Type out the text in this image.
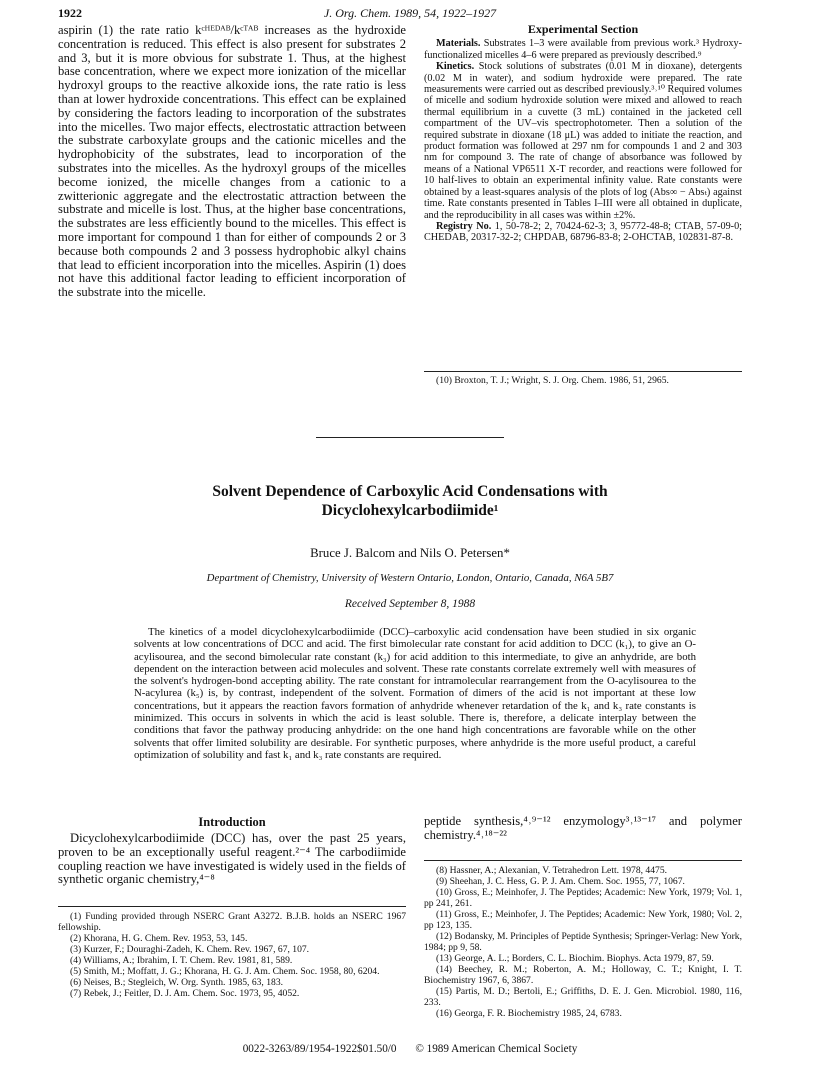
J. Org. Chem. 1989, 54, 1922–1927
1922

aspirin (1) the rate ratio kᶜᴴᴱᴰᴬᴮ/kᶜᵀᴬᴮ increases as the hydroxide concentration is reduced. This effect is also present for substrates 2 and 3, but it is more obvious for substrate 1. Thus, at the highest base concentration, where we expect more ionization of the micellar hydroxyl groups to the reactive alkoxide ions, the rate ratio is less than at lower hydroxide concentrations. This effect can be explained by considering the factors leading to incorporation of the substrates into the micelles. Two major effects, electrostatic attraction between the substrate carboxylate groups and the cationic micelles and the hydrophobicity of the substrates, lead to incorporation of the substrates into the micelles. As the hydroxyl groups of the micelles become ionized, the micelle changes from a cationic to a zwitterionic aggregate and the electrostatic attraction between the substrate and micelle is lost. Thus, at the higher base concentrations, the substrates are less efficiently bound to the micelles. This effect is more important for compound 1 than for either of compounds 2 or 3 because both compounds 2 and 3 possess hydrophobic alkyl chains that lead to efficient incorporation into the micelles. Aspirin (1) does not have this additional factor leading to efficient incorporation of the substrate into the micelle.

Experimental Section

Materials. Substrates 1–3 were available from previous work.³ Hydroxy-functionalized micelles 4–6 were prepared as previously described.⁹

Kinetics. Stock solutions of substrates (0.01 M in dioxane), detergents (0.02 M in water), and sodium hydroxide were prepared. The rate measurements were carried out as described previously.³˒¹⁰ Required volumes of micelle and sodium hydroxide solution were mixed and allowed to reach thermal equilibrium in a cuvette (3 mL) contained in the jacketed cell compartment of the UV–vis spectrophotometer. Then a solution of the required substrate in dioxane (18 μL) was added to initiate the reaction, and product formation was followed at 297 nm for compounds 1 and 2 and 303 nm for compound 3. The rate of change of absorbance was followed by means of a National VP6511 X-T recorder, and reactions were followed for 10 half-lives to obtain an experimental infinity value. Rate constants were obtained by a least-squares analysis of the plots of log (Abs∞ − Absₜ) against time. Rate constants presented in Tables I–III were all obtained in duplicate, and the reproducibility in all cases was within ±2%.

Registry No. 1, 50-78-2; 2, 70424-62-3; 3, 95772-48-8; CTAB, 57-09-0; CHEDAB, 20317-32-2; CHPDAB, 68796-83-8; 2-OHCTAB, 102831-87-8.

(10) Broxton, T. J.; Wright, S. J. Org. Chem. 1986, 51, 2965.

Solvent Dependence of Carboxylic Acid Condensations with
Dicyclohexylcarbodiimide¹
Bruce J. Balcom and Nils O. Petersen*
Department of Chemistry, University of Western Ontario, London, Ontario, Canada, N6A 5B7
Received September 8, 1988

The kinetics of a model dicyclohexylcarbodiimide (DCC)–carboxylic acid condensation have been studied in six organic solvents at low concentrations of DCC and acid. The first bimolecular rate constant for acid addition to DCC (k₁), to give an O-acylisourea, and the second bimolecular rate constant (k₃) for acid addition to this intermediate, to give an anhydride, are both dependent on the interaction between acid molecules and solvent. These rate constants correlate extremely well with measures of the solvent's hydrogen-bond accepting ability. The rate constant for intramolecular rearrangement from the O-acylisourea to the N-acylurea (k₅) is, by contrast, independent of the solvent. Formation of dimers of the acid is not important at these low concentrations, but it appears the reaction favors formation of anhydride whenever retardation of the k₁ and k₃ rate constants is minimized. This occurs in solvents in which the acid is least soluble. There is, therefore, a delicate interplay between the conditions that favor the pathway producing anhydride: on the one hand high concentrations are favorable while on the other solvents that offer limited solubility are desirable. For synthetic purposes, where anhydride is the more useful product, a careful optimization of solubility and fast k₁ and k₃ rate constants are required.

Introduction

Dicyclohexylcarbodiimide (DCC) has, over the past 25 years, proven to be an exceptionally useful reagent.²⁻⁴ The carbodiimide coupling reaction we have investigated is widely used in the fields of synthetic organic chemistry,⁴⁻⁸

peptide synthesis,⁴˒⁹⁻¹² enzymology³˒¹³⁻¹⁷ and polymer chemistry.⁴˒¹⁸⁻²²

(1) Funding provided through NSERC Grant A3272. B.J.B. holds an NSERC 1967 fellowship.

(2) Khorana, H. G. Chem. Rev. 1953, 53, 145.

(3) Kurzer, F.; Douraghi-Zadeh, K. Chem. Rev. 1967, 67, 107.

(4) Williams, A.; Ibrahim, I. T. Chem. Rev. 1981, 81, 589.

(5) Smith, M.; Moffatt, J. G.; Khorana, H. G. J. Am. Chem. Soc. 1958, 80, 6204.

(6) Neises, B.; Stegleich, W. Org. Synth. 1985, 63, 183.

(7) Rebek, J.; Feitler, D. J. Am. Chem. Soc. 1973, 95, 4052.

(8) Hassner, A.; Alexanian, V. Tetrahedron Lett. 1978, 4475.

(9) Sheehan, J. C. Hess, G. P. J. Am. Chem. Soc. 1955, 77, 1067.

(10) Gross, E.; Meinhofer, J. The Peptides; Academic: New York, 1979; Vol. 1, pp 241, 261.

(11) Gross, E.; Meinhofer, J. The Peptides; Academic: New York, 1980; Vol. 2, pp 123, 135.

(12) Bodansky, M. Principles of Peptide Synthesis; Springer-Verlag: New York, 1984; pp 9, 58.

(13) George, A. L.; Borders, C. L. Biochim. Biophys. Acta 1979, 87, 59.

(14) Beechey, R. M.; Roberton, A. M.; Holloway, C. T.; Knight, I. T. Biochemistry 1967, 6, 3867.

(15) Partis, M. D.; Bertoli, E.; Griffiths, D. E. J. Gen. Microbiol. 1980, 116, 233.

(16) Georga, F. R. Biochemistry 1985, 24, 6783.

0022-3263/89/1954-1922$01.50/0 © 1989 American Chemical Society
